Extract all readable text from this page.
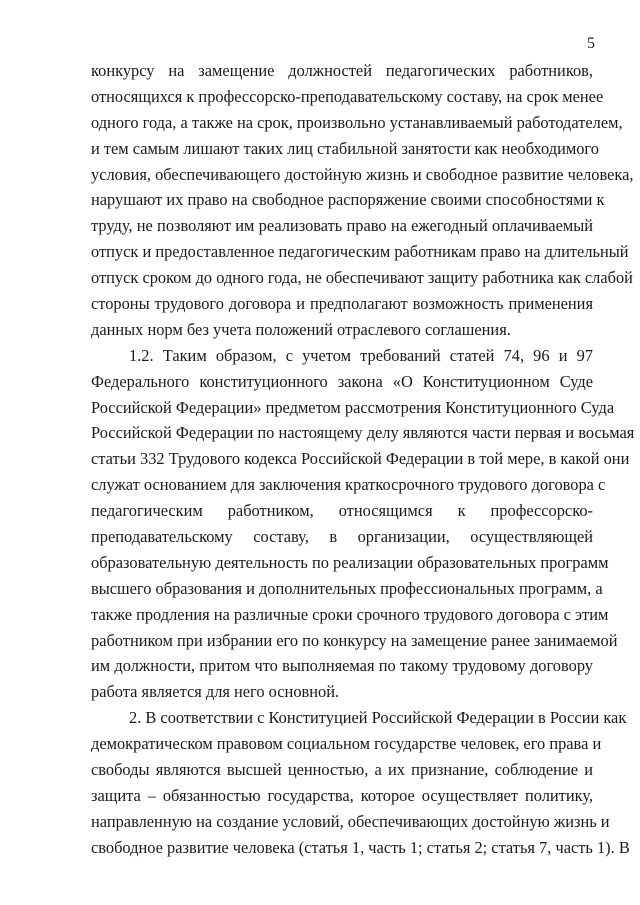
5
конкурсу на замещение должностей педагогических работников,
относящихся к профессорско-преподавательскому составу, на срок менее
одного года, а также на срок, произвольно устанавливаемый работодателем,
и тем самым лишают таких лиц стабильной занятости как необходимого
условия, обеспечивающего достойную жизнь и свободное развитие человека,
нарушают их право на свободное распоряжение своими способностями к
труду, не позволяют им реализовать право на ежегодный оплачиваемый
отпуск и предоставленное педагогическим работникам право на длительный
отпуск сроком до одного года, не обеспечивают защиту работника как слабой
стороны трудового договора и предполагают возможность применения
данных норм без учета положений отраслевого соглашения.
1.2. Таким образом, с учетом требований статей 74, 96 и 97
Федерального конституционного закона «О Конституционном Суде
Российской Федерации» предметом рассмотрения Конституционного Суда
Российской Федерации по настоящему делу являются части первая и восьмая
статьи 332 Трудового кодекса Российской Федерации в той мере, в какой они
служат основанием для заключения краткосрочного трудового договора с
педагогическим работником, относящимся к профессорско-
преподавательскому составу, в организации, осуществляющей
образовательную деятельность по реализации образовательных программ
высшего образования и дополнительных профессиональных программ, а
также продления на различные сроки срочного трудового договора с этим
работником при избрании его по конкурсу на замещение ранее занимаемой
им должности, притом что выполняемая по такому трудовому договору
работа является для него основной.
2. В соответствии с Конституцией Российской Федерации в России как
демократическом правовом социальном государстве человек, его права и
свободы являются высшей ценностью, а их признание, соблюдение и
защита – обязанностью государства, которое осуществляет политику,
направленную на создание условий, обеспечивающих достойную жизнь и
свободное развитие человека (статья 1, часть 1; статья 2; статья 7, часть 1). В
